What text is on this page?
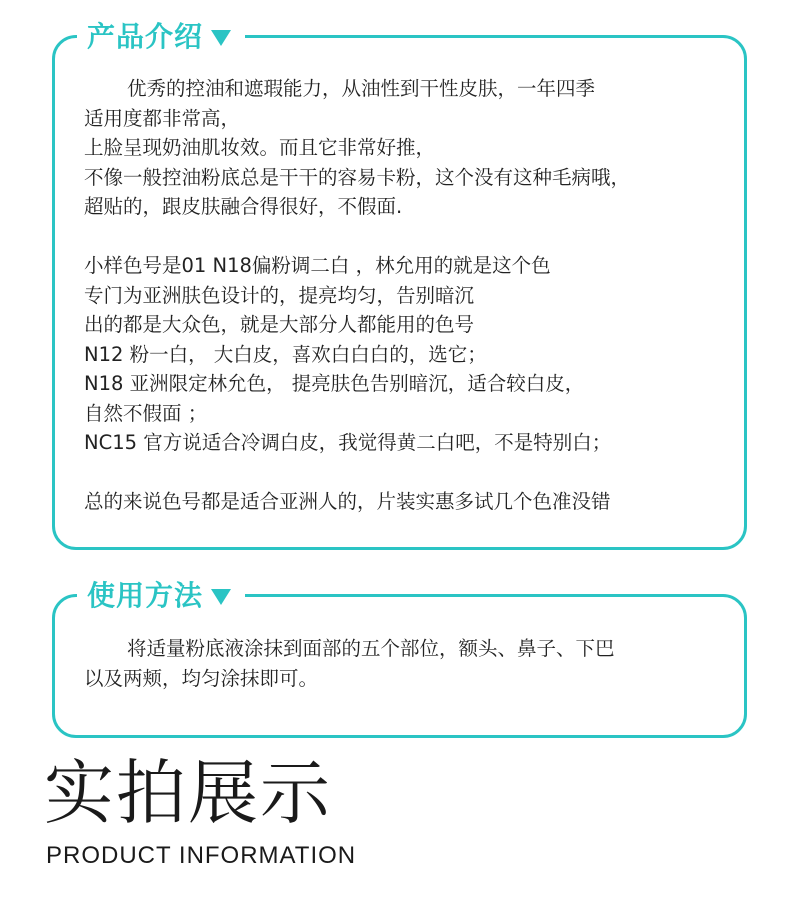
产品介绍
优秀的控油和遮瑕能力，从油性到干性皮肤，一年四季
适用度都非常高，
上脸呈现奶油肌妆效。而且它非常好推，
不像一般控油粉底总是干干的容易卡粉，这个没有这种毛病哦，
超贴的，跟皮肤融合得很好，不假面.
小样色号是01 N18偏粉调二白 ，林允用的就是这个色
专门为亚洲肤色设计的，提亮均匀，告别暗沉
出的都是大众色，就是大部分人都能用的色号
N12 粉一白， 大白皮，喜欢白白白的，选它；
N18 亚洲限定林允色， 提亮肤色告别暗沉，适合较白皮，
自然不假面 ；
NC15 官方说适合冷调白皮，我觉得黄二白吧，不是特别白；
总的来说色号都是适合亚洲人的，片装实惠多试几个色准没错
使用方法
将适量粉底液涂抹到面部的五个部位，额头、鼻子、下巴
以及两颊，均匀涂抹即可。
实拍展示
PRODUCT INFORMATION
